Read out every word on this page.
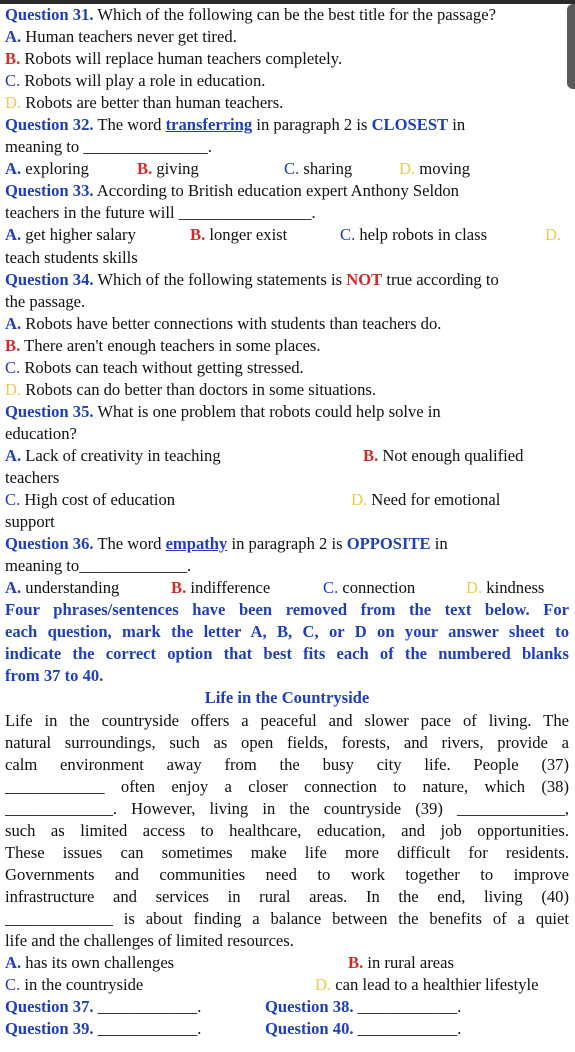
Question 31. Which of the following can be the best title for the passage?
A. Human teachers never get tired.
B. Robots will replace human teachers completely.
C. Robots will play a role in education.
D. Robots are better than human teachers.
Question 32. The word transferring in paragraph 2 is CLOSEST in
meaning to _______________.
A. exploring	B. giving	C. sharing	D. moving
Question 33. According to British education expert Anthony Seldon
teachers in the future will ________________.
A. get higher salary	B. longer exist	C. help robots in class	D.
teach students skills
Question 34. Which of the following statements is NOT true according to
the passage.
A. Robots have better connections with students than teachers do.
B. There aren't enough teachers in some places.
C. Robots can teach without getting stressed.
D. Robots can do better than doctors in some situations.
Question 35. What is one problem that robots could help solve in
education?
A. Lack of creativity in teaching	B. Not enough qualified
teachers
C. High cost of education	D. Need for emotional
support
Question 36. The word empathy in paragraph 2 is OPPOSITE in
meaning to_____________.
A. understanding	B. indifference	C. connection	D. kindness
Four phrases/sentences have been removed from the text below. For
each question, mark the letter A, B, C, or D on your answer sheet to
indicate the correct option that best fits each of the numbered blanks
from 37 to 40.
Life in the Countryside
Life in the countryside offers a peaceful and slower pace of living. The
natural surroundings, such as open fields, forests, and rivers, provide a
calm environment away from the busy city life. People (37)
____________ often enjoy a closer connection to nature, which (38)
_____________. However, living in the countryside (39) _____________,
such as limited access to healthcare, education, and job opportunities.
These issues can sometimes make life more difficult for residents.
Governments and communities need to work together to improve
infrastructure and services in rural areas. In the end, living (40)
_____________ is about finding a balance between the benefits of a quiet
life and the challenges of limited resources.
A. has its own challenges	B. in rural areas
C. in the countryside	D. can lead to a healthier lifestyle
Question 37. ____________.	Question 38. ____________.
Question 39. ____________.	Question 40. ____________.
